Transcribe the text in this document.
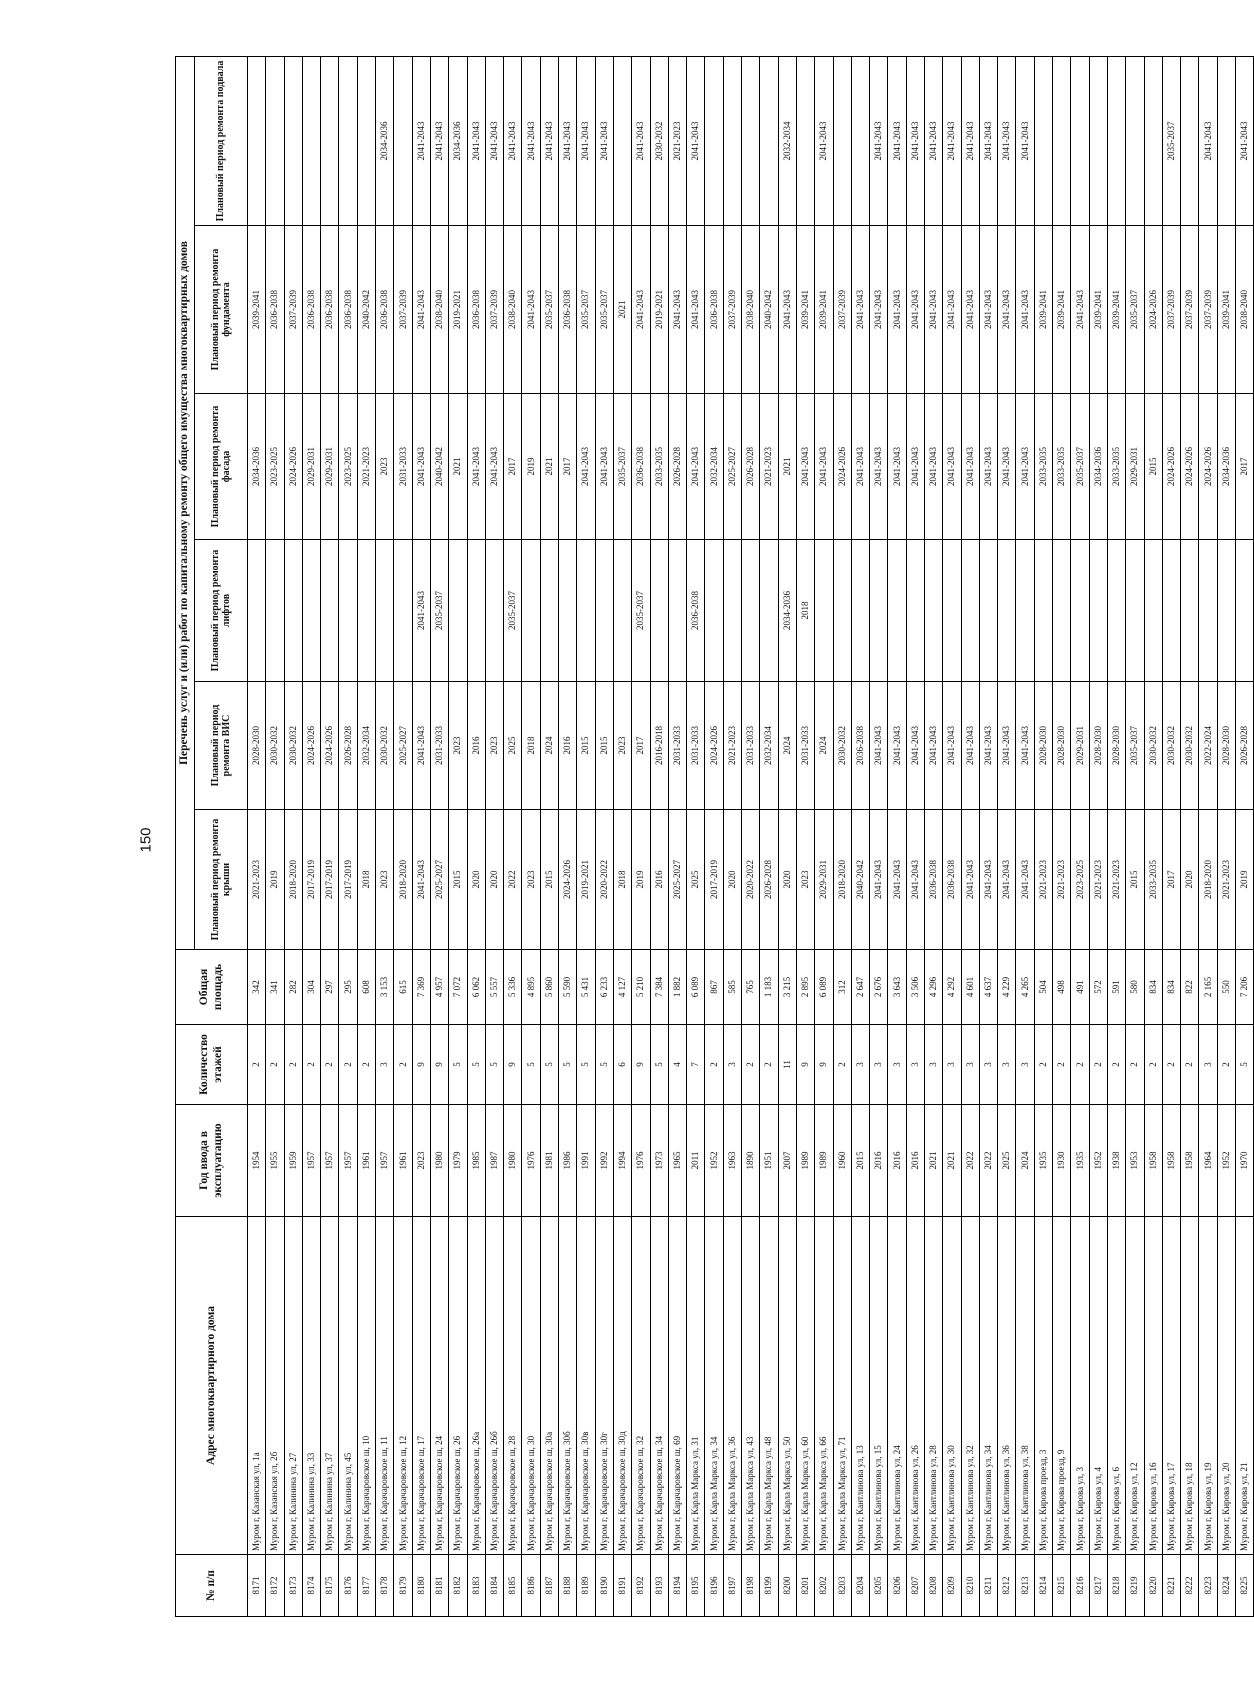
150
№ п/п	Адрес многоквартирного дома	Год ввода в эксплуатацию	Количество этажей	Общая площадь	Перечень услуг и (или) работ по капитальному ремонту общего имущества многоквартирных домов					
					Плановый период ремонта крыши	Плановый период ремонта ВИС	Плановый период ремонта лифтов	Плановый период ремонта фасада	Плановый период ремонта фундамента	Плановый период ремонта подвала
8171	Муром г, Казанская ул, 1а	1954	2	342	2021-2023	2028-2030		2034-2036	2039-2041	
8172	Муром г, Казанская ул, 2б	1955	2	341	2019	2030-2032		2023-2025	2036-2038	
8173	Муром г, Калинина ул, 27	1959	2	282	2018-2020	2030-2032		2024-2026	2037-2039	
8174	Муром г, Калинина ул, 33	1957	2	304	2017-2019	2024-2026		2029-2031	2036-2038	
8175	Муром г, Калинина ул, 37	1957	2	297	2017-2019	2024-2026		2029-2031	2036-2038	
8176	Муром г, Калинина ул, 45	1957	2	295	2017-2019	2026-2028		2023-2025	2036-2038	
8177	Муром г, Карачаровское ш, 10	1961	2	608	2018	2032-2034		2021-2023	2040-2042	
8178	Муром г, Карачаровское ш, 11	1957	3	3 153	2023	2030-2032		2023	2036-2038	2034-2036
8179	Муром г, Карачаровское ш, 12	1961	2	615	2018-2020	2025-2027		2031-2033	2037-2039	
8180	Муром г, Карачаровское ш, 17	2023	9	7 369	2041-2043	2041-2043	2041-2043	2041-2043	2041-2043	2041-2043
8181	Муром г, Карачаровское ш, 24	1980	9	4 957	2025-2027	2031-2033	2035-2037	2040-2042	2038-2040	2041-2043
8182	Муром г, Карачаровское ш, 26	1979	5	7 072	2015	2023		2021	2019-2021	2034-2036
8183	Муром г, Карачаровское ш, 26а	1985	5	6 062	2020	2016		2041-2043	2036-2038	2041-2043
8184	Муром г, Карачаровское ш, 26б	1987	5	5 557	2020	2023		2041-2043	2037-2039	2041-2043
8185	Муром г, Карачаровское ш, 28	1980	9	5 336	2022	2025	2035-2037	2017	2038-2040	2041-2043
8186	Муром г, Карачаровское ш, 30	1976	5	4 895	2023	2018		2019	2041-2043	2041-2043
8187	Муром г, Карачаровское ш, 30а	1981	5	5 860	2015	2024		2021	2035-2037	2041-2043
8188	Муром г, Карачаровское ш, 30б	1986	5	5 590	2024-2026	2016		2017	2036-2038	2041-2043
8189	Муром г, Карачаровское ш, 30в	1991	5	5 431	2019-2021	2015		2041-2043	2035-2037	2041-2043
8190	Муром г, Карачаровское ш, 30г	1992	5	6 233	2020-2022	2015		2041-2043	2035-2037	2041-2043
8191	Муром г, Карачаровское ш, 30д	1994	6	4 127	2018	2023		2035-2037	2021	
8192	Муром г, Карачаровское ш, 32	1976	9	5 210	2019	2017	2035-2037	2036-2038	2041-2043	2041-2043
8193	Муром г, Карачаровское ш, 34	1973	5	7 384	2016	2016-2018		2033-2035	2019-2021	2030-2032
8194	Муром г, Карачаровское ш, 69	1965	4	1 882	2025-2027	2031-2033		2026-2028	2041-2043	2021-2023
8195	Муром г, Карла Маркса ул, 31	2011	7	6 089	2025	2031-2033	2036-2038	2041-2043	2041-2043	2041-2043
8196	Муром г, Карла Маркса ул, 34	1952	2	867	2017-2019	2024-2026		2032-2034	2036-2038	
8197	Муром г, Карла Маркса ул, 36	1963	3	585	2020	2021-2023		2025-2027	2037-2039	
8198	Муром г, Карла Маркса ул, 43	1890	2	765	2020-2022	2031-2033		2026-2028	2038-2040	
8199	Муром г, Карла Маркса ул, 48	1951	2	1 183	2026-2028	2032-2034		2021-2023	2040-2042	
8200	Муром г, Карла Маркса ул, 50	2007	11	3 215	2020	2024	2034-2036	2021	2041-2043	2032-2034
8201	Муром г, Карла Маркса ул, 60	1989	9	2 895	2023	2031-2033	2018	2041-2043	2039-2041	
8202	Муром г, Карла Маркса ул, 66	1989	9	6 089	2029-2031	2024		2041-2043	2039-2041	2041-2043
8203	Муром г, Карла Маркса ул, 71	1960	2	312	2018-2020	2030-2032		2024-2026	2037-2039	
8204	Муром г, Кантлинова ул, 13	2015	3	2 647	2040-2042	2036-2038		2041-2043	2041-2043	
8205	Муром г, Кантлинова ул, 15	2016	3	2 676	2041-2043	2041-2043		2041-2043	2041-2043	2041-2043
8206	Муром г, Кантлинова ул, 24	2016	3	3 643	2041-2043	2041-2043		2041-2043	2041-2043	2041-2043
8207	Муром г, Кантлинова ул, 26	2016	3	3 506	2041-2043	2041-2043		2041-2043	2041-2043	2041-2043
8208	Муром г, Кантлинова ул, 28	2021	3	4 296	2036-2038	2041-2043		2041-2043	2041-2043	2041-2043
8209	Муром г, Кантлинова ул, 30	2021	3	4 292	2036-2038	2041-2043		2041-2043	2041-2043	2041-2043
8210	Муром г, Кантлинова ул, 32	2022	3	4 601	2041-2043	2041-2043		2041-2043	2041-2043	2041-2043
8211	Муром г, Кантлинова ул, 34	2022	3	4 637	2041-2043	2041-2043		2041-2043	2041-2043	2041-2043
8212	Муром г, Кантлинова ул, 36	2025	3	4 229	2041-2043	2041-2043		2041-2043	2041-2043	2041-2043
8213	Муром г, Кантлинова ул, 38	2024	3	4 265	2041-2043	2041-2043		2041-2043	2041-2043	2041-2043
8214	Муром г, Кирова проезд, 3	1935	2	504	2021-2023	2028-2030		2033-2035	2039-2041	
8215	Муром г, Кирова проезд, 9	1930	2	498	2021-2023	2028-2030		2033-2035	2039-2041	
8216	Муром г, Кирова ул, 3	1935	2	491	2023-2025	2029-2031		2035-2037	2041-2043	
8217	Муром г, Кирова ул, 4	1952	2	572	2021-2023	2028-2030		2034-2036	2039-2041	
8218	Муром г, Кирова ул, 6	1938	2	591	2021-2023	2028-2030		2033-2035	2039-2041	
8219	Муром г, Кирова ул, 12	1953	2	580	2015	2035-2037		2029-2031	2035-2037	
8220	Муром г, Кирова ул, 16	1958	2	834	2033-2035	2030-2032		2015	2024-2026	
8221	Муром г, Кирова ул, 17	1958	2	834	2017	2030-2032		2024-2026	2037-2039	2035-2037
8222	Муром г, Кирова ул, 18	1958	2	822	2020	2030-2032		2024-2026	2037-2039	
8223	Муром г, Кирова ул, 19	1964	3	2 165	2018-2020	2022-2024		2024-2026	2037-2039	2041-2043
8224	Муром г, Кирова ул, 20	1952	2	550	2021-2023	2028-2030		2034-2036	2039-2041	
8225	Муром г, Кирова ул, 21	1970	5	7 206	2019	2026-2028		2017	2038-2040	2041-2043
